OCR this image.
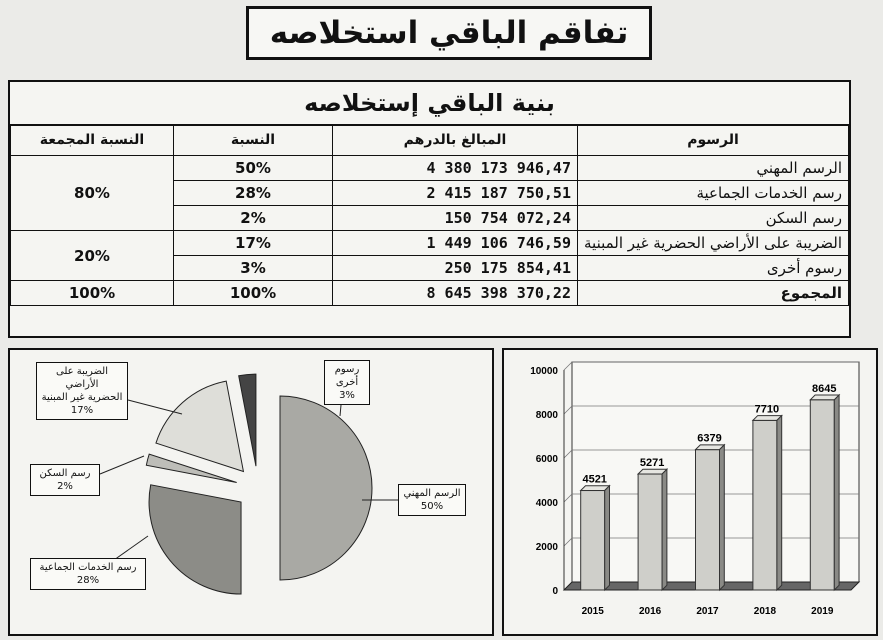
تفاقم الباقي استخلاصه
بنية الباقي إستخلاصه
النسبة المجمعة	النسبة	المبالغ بالدرهم	الرسوم
80%	50%	4 380 173 946,47	الرسم المهني
	28%	2 415 187 750,51	رسم الخدمات الجماعية
	2%	150 754 072,24	رسم السكن
20%	17%	1 449 106 746,59	الضريبة على الأراضي الحضرية غير المبنية
	3%	250 175 854,41	رسوم أخرى
100%	100%	8 645 398 370,22	المجموع
الرسم المهني
50%
رسوم أخرى
3%
الضريبة على الأراضي
الحضرية غير المبنية
17%
رسم السكن
2%
رسم الخدمات الجماعية
28%
0
2000
4000
6000
8000
10000
4521
2015
5271
2016
6379
2017
7710
2018
8645
2019
